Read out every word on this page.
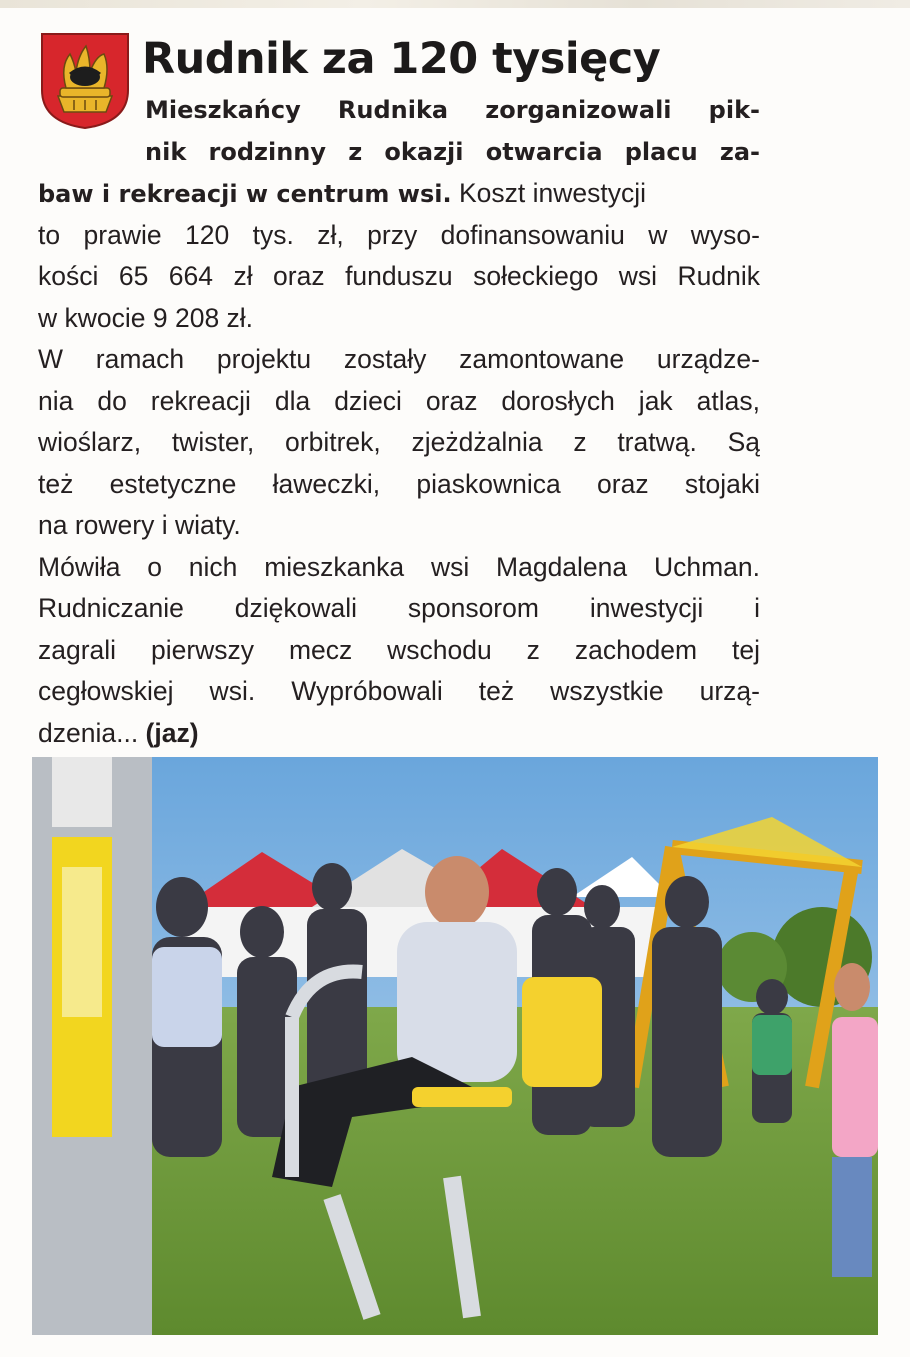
Rudnik za 120 tysięcy
Mieszkańcy Rudnika zorganizowali pik-
nik rodzinny z okazji otwarcia placu za-
baw i rekreacji w centrum wsi. Koszt inwestycji
to prawie 120 tys. zł, przy dofinansowaniu w wyso-
kości 65 664 zł oraz funduszu sołeckiego wsi Rudnik
w kwocie 9 208 zł.
W ramach projektu zostały zamontowane urządze-
nia do rekreacji dla dzieci oraz dorosłych jak atlas,
wioślarz, twister, orbitrek, zjeżdżalnia z tratwą. Są
też estetyczne ławeczki, piaskownica oraz stojaki
na rowery i wiaty.
Mówiła o nich mieszkanka wsi Magdalena Uchman.
Rudniczanie dziękowali sponsorom inwestycji i
zagrali pierwszy mecz wschodu z zachodem tej
cegłowskiej wsi. Wypróbowali też wszystkie urzą-
dzenia... (jaz)
